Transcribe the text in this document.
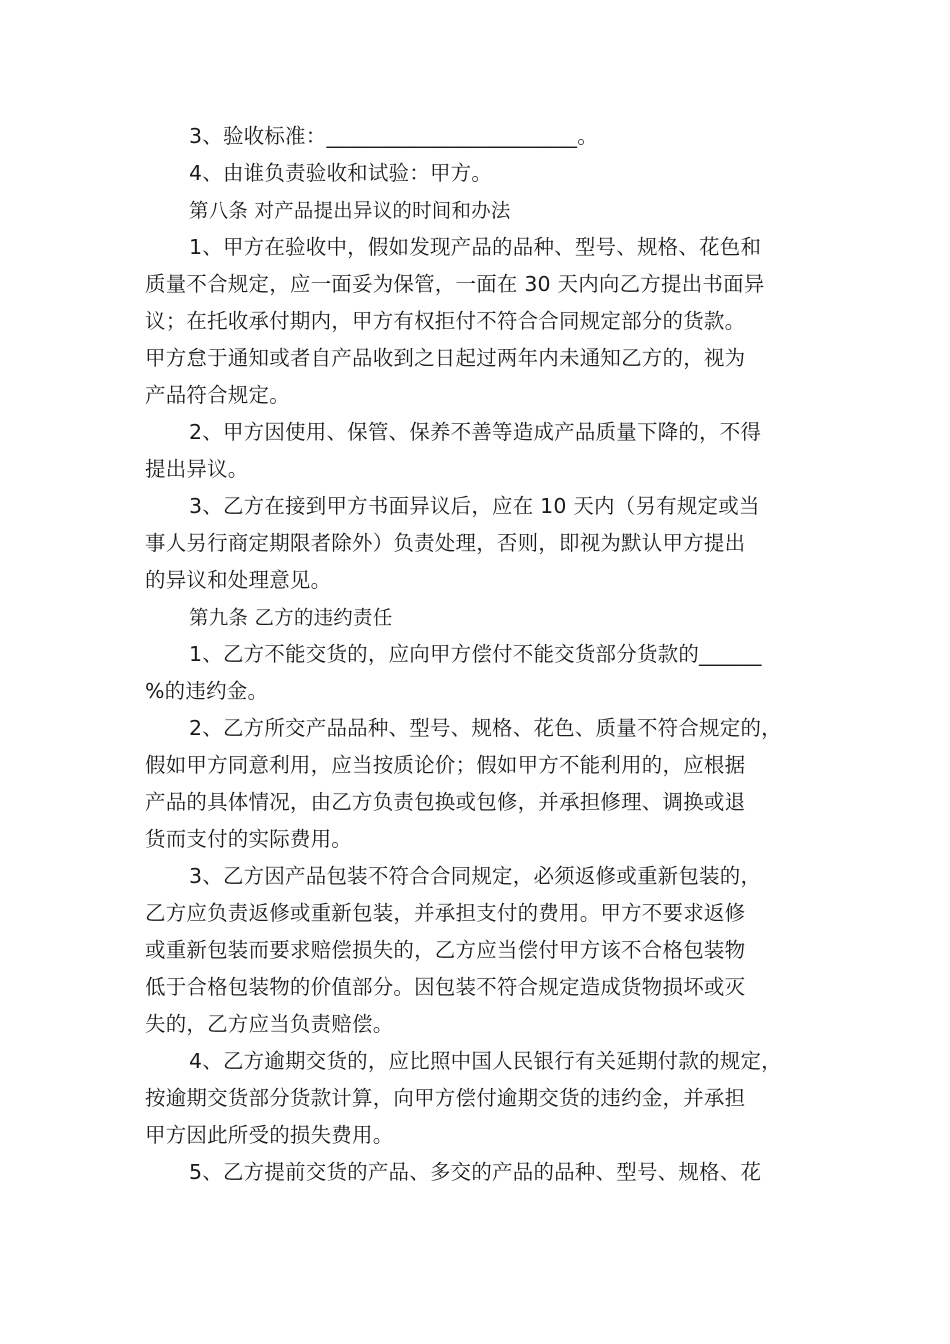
3、验收标准：________________________。
4、由谁负责验收和试验：甲方。
第八条 对产品提出异议的时间和办法
1、甲方在验收中，假如发现产品的品种、型号、规格、花色和
质量不合规定，应一面妥为保管，一面在 30 天内向乙方提出书面异
议；在托收承付期内，甲方有权拒付不符合合同规定部分的货款。
甲方怠于通知或者自产品收到之日起过两年内未通知乙方的，视为
产品符合规定。
2、甲方因使用、保管、保养不善等造成产品质量下降的，不得
提出异议。
3、乙方在接到甲方书面异议后，应在 10 天内（另有规定或当
事人另行商定期限者除外）负责处理，否则，即视为默认甲方提出
的异议和处理意见。
第九条 乙方的违约责任
1、乙方不能交货的，应向甲方偿付不能交货部分货款的______
%的违约金。
2、乙方所交产品品种、型号、规格、花色、质量不符合规定的，
假如甲方同意利用，应当按质论价；假如甲方不能利用的，应根据
产品的具体情况，由乙方负责包换或包修，并承担修理、调换或退
货而支付的实际费用。
3、乙方因产品包装不符合合同规定，必须返修或重新包装的，
乙方应负责返修或重新包装，并承担支付的费用。甲方不要求返修
或重新包装而要求赔偿损失的，乙方应当偿付甲方该不合格包装物
低于合格包装物的价值部分。因包装不符合规定造成货物损坏或灭
失的，乙方应当负责赔偿。
4、乙方逾期交货的，应比照中国人民银行有关延期付款的规定，
按逾期交货部分货款计算，向甲方偿付逾期交货的违约金，并承担
甲方因此所受的损失费用。
5、乙方提前交货的产品、多交的产品的品种、型号、规格、花
